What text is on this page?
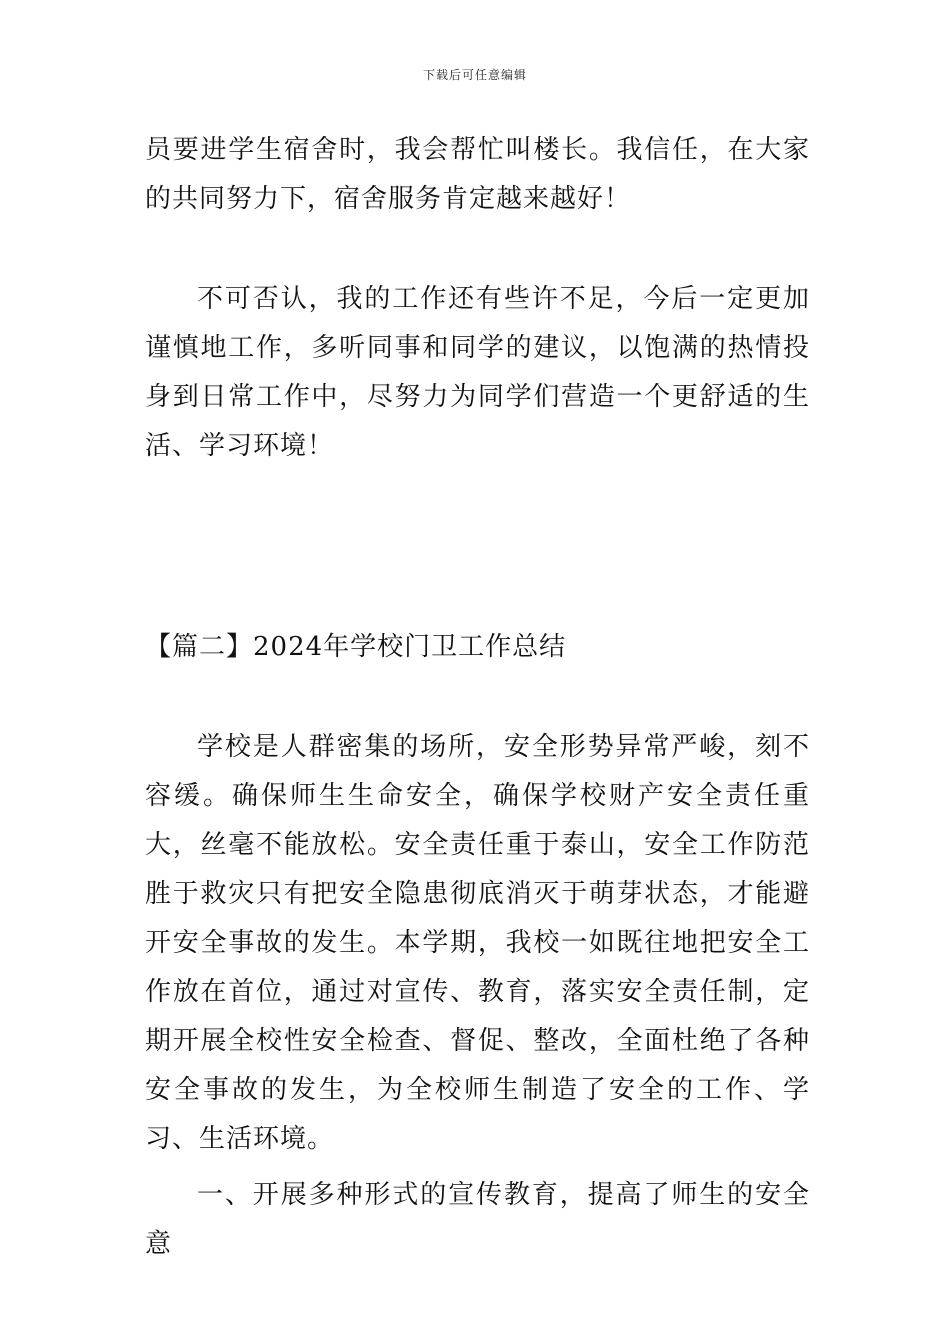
下载后可任意编辑

员要进学生宿舍时，我会帮忙叫楼长。我信任，在大家的共同努力下，宿舍服务肯定越来越好！

不可否认，我的工作还有些许不足，今后一定更加谨慎地工作，多听同事和同学的建议，以饱满的热情投身到日常工作中，尽努力为同学们营造一个更舒适的生活、学习环境！

【篇二】2024年学校门卫工作总结

学校是人群密集的场所，安全形势异常严峻，刻不容缓。确保师生生命安全，确保学校财产安全责任重大，丝毫不能放松。安全责任重于泰山，安全工作防范胜于救灾只有把安全隐患彻底消灭于萌芽状态，才能避开安全事故的发生。本学期，我校一如既往地把安全工作放在首位，通过对宣传、教育，落实安全责任制，定期开展全校性安全检查、督促、整改，全面杜绝了各种安全事故的发生，为全校师生制造了安全的工作、学习、生活环境。

一、开展多种形式的宣传教育，提高了师生的安全意
